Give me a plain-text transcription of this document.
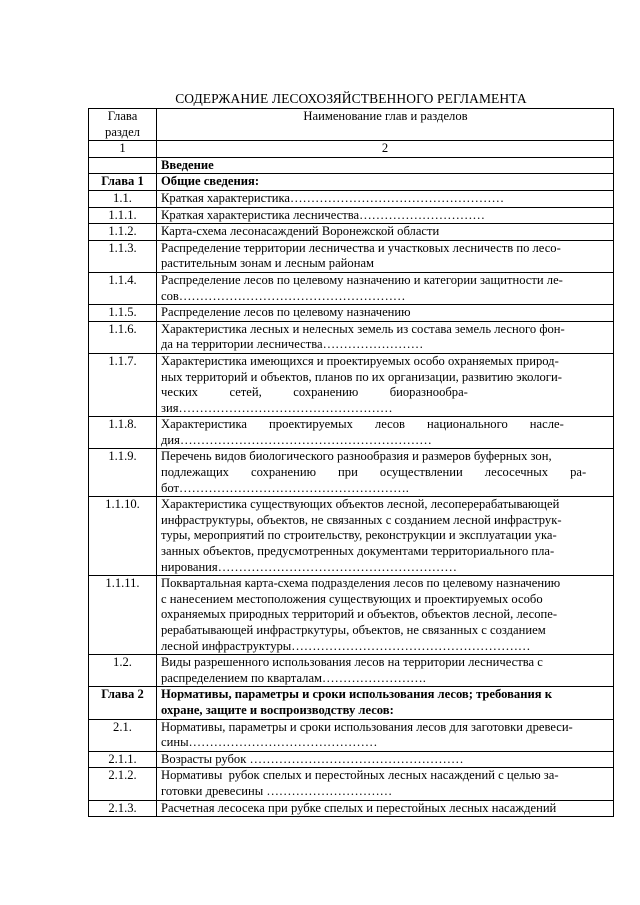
СОДЕРЖАНИЕ ЛЕСОХОЗЯЙСТВЕННОГО РЕГЛАМЕНТА
Глава
раздел	Наименование глав и разделов
1	2
	Введение
Глава 1	Общие сведения:
1.1.	Краткая характеристика……………………………………………
1.1.1.	Краткая характеристика лесничества…………………………
1.1.2.	Карта-схема лесонасаждений Воронежской области
1.1.3.	Распределение территории лесничества и участковых лесничеств по лесо-
растительным зонам и лесным районам
1.1.4.	Распределение лесов по целевому назначению и категории защитности ле-
сов………………………………………………
1.1.5.	Распределение лесов по целевому назначению
1.1.6.	Характеристика лесных и нелесных земель из состава земель лесного фон-
да на территории лесничества……………………
1.1.7.	Характеристика имеющихся и проектируемых особо охраняемых природ-
ных территорий и объектов, планов по их организации, развитию экологи-
ческих          сетей,          сохранению          биоразнообра-
зия……………………………………………
1.1.8.	Характеристика       проектируемых       лесов       национального       насле-
дия……………………………………………………
1.1.9.	Перечень видов биологического разнообразия и размеров буферных зон,
подлежащих       сохранению       при       осуществлении       лесосечных       ра-
бот……………………………………………….
1.1.10.	Характеристика существующих объектов лесной, лесоперерабатывающей
инфраструктуры, объектов, не связанных с созданием лесной инфраструк-
туры, мероприятий по строительству, реконструкции и эксплуатации ука-
занных объектов, предусмотренных документами территориального пла-
нирования…………………………………………………
1.1.11.	Поквартальная карта-схема подразделения лесов по целевому назначению
с нанесением местоположения существующих и проектируемых особо
охраняемых природных территорий и объектов, объектов лесной, лесопе-
рерабатывающей инфрастркутуры, объектов, не связанных с созданием
лесной инфраструктуры…………………………………………………
1.2.	Виды разрешенного использования лесов на территории лесничества с
распределением по кварталам…………………….
Глава 2	Нормативы, параметры и сроки использования лесов; требования к
охране, защите и воспроизводству лесов:
2.1.	Нормативы, параметры и сроки использования лесов для заготовки древеси-
сины………………………………………
2.1.1.	Возрасты рубок ……………………………………………
2.1.2.	Нормативы  рубок спелых и перестойных лесных насаждений с целью за-
готовки древесины …………………………
2.1.3.	Расчетная лесосека при рубке спелых и перестойных лесных насаждений
